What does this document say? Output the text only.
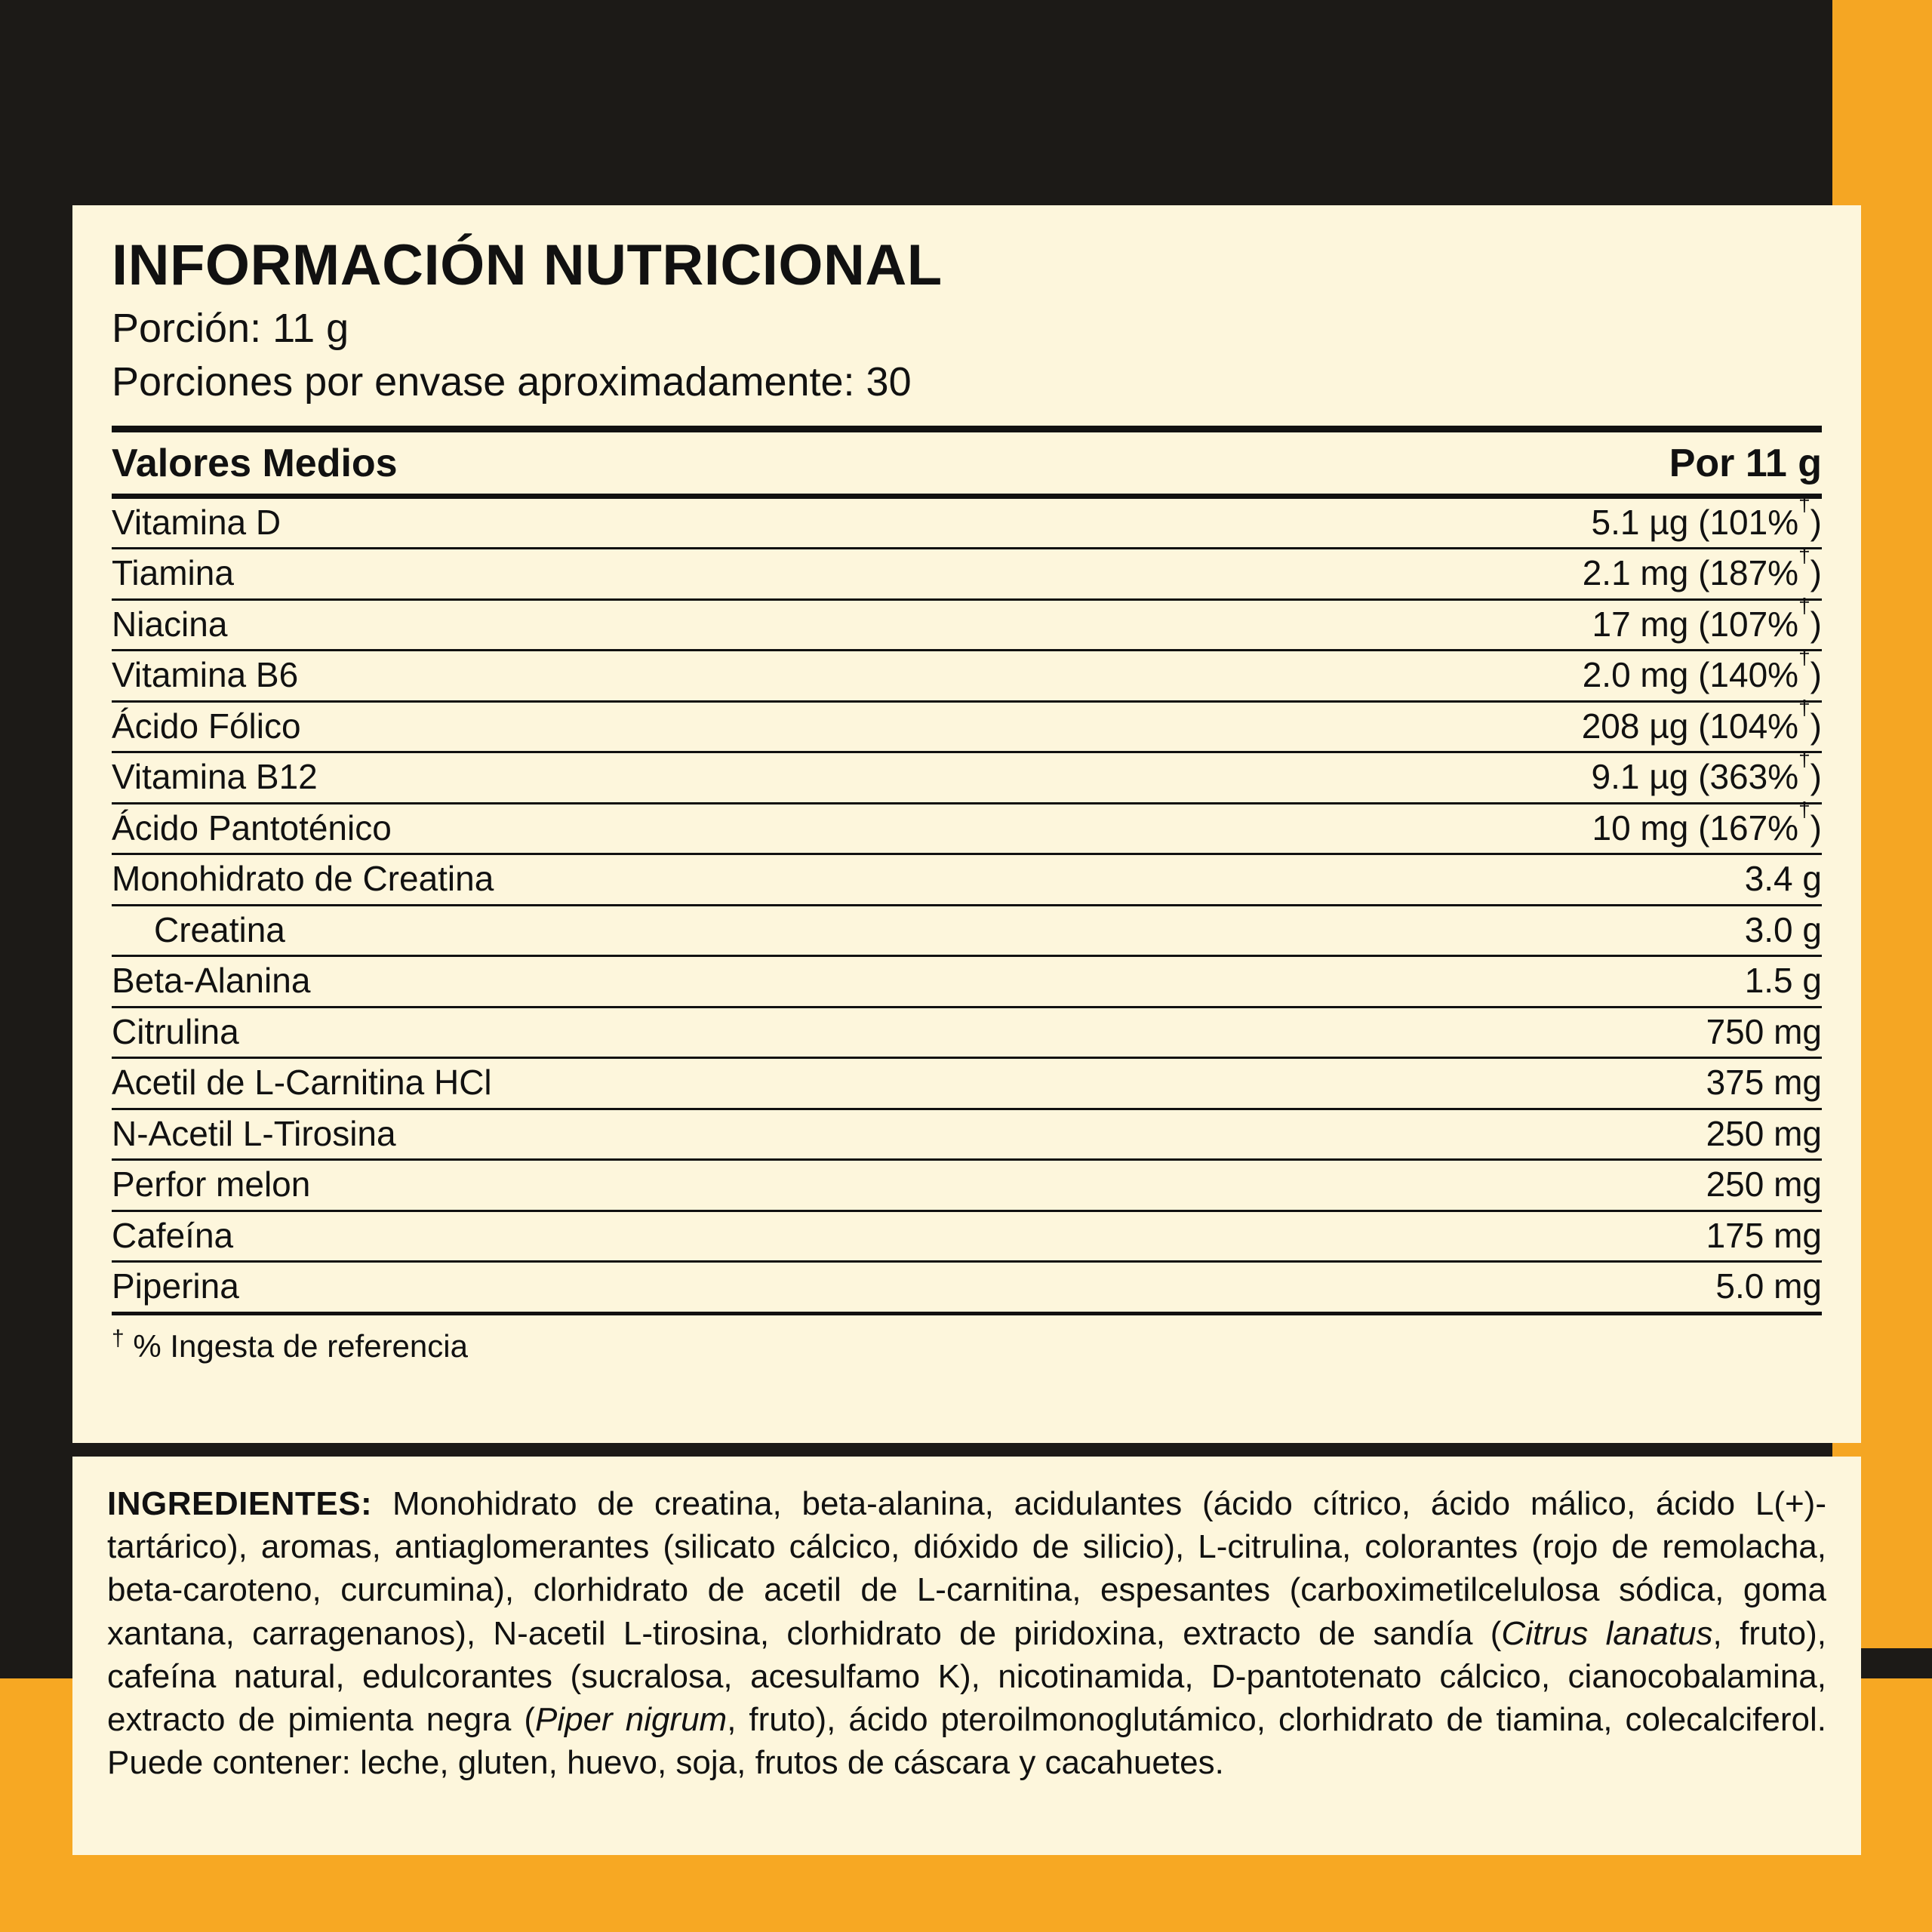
INFORMACIÓN NUTRICIONAL

Porción: 11 g

Porciones por envase aproximadamente: 30

Valores Medios	Por 11 g
Vitamina D	5.1 µg (101%†)
Tiamina	2.1 mg (187%†)
Niacina	17 mg (107%†)
Vitamina B6	2.0 mg (140%†)
Ácido Fólico	208 µg (104%†)
Vitamina B12	9.1 µg (363%†)
Ácido Pantoténico	10 mg (167%†)
Monohidrato de Creatina	3.4 g
Creatina	3.0 g
Beta-Alanina	1.5 g
Citrulina	750 mg
Acetil de L-Carnitina HCl	375 mg
N-Acetil L-Tirosina	250 mg
Perfor melon	250 mg
Cafeína	175 mg
Piperina	5.0 mg
† % Ingesta de referencia

INGREDIENTES: Monohidrato de creatina, beta-alanina, acidulantes (ácido cítrico, ácido málico, ácido L(+)-tartárico), aromas, antiaglomerantes (silicato cálcico, dióxido de silicio), L-citrulina, colorantes (rojo de remolacha, beta-caroteno, curcumina), clorhidrato de acetil de L-carnitina, espesantes (carboximetilcelulosa sódica, goma xantana, carragenanos), N-acetil L-tirosina, clorhidrato de piridoxina, extracto de sandía (Citrus lanatus, fruto), cafeína natural, edulcorantes (sucralosa, acesulfamo K), nicotinamida, D-pantotenato cálcico, cianocobalamina, extracto de pimienta negra (Piper nigrum, fruto), ácido pteroilmonoglutámico, clorhidrato de tiamina, colecalciferol. Puede contener: leche, gluten, huevo, soja, frutos de cáscara y cacahuetes.
